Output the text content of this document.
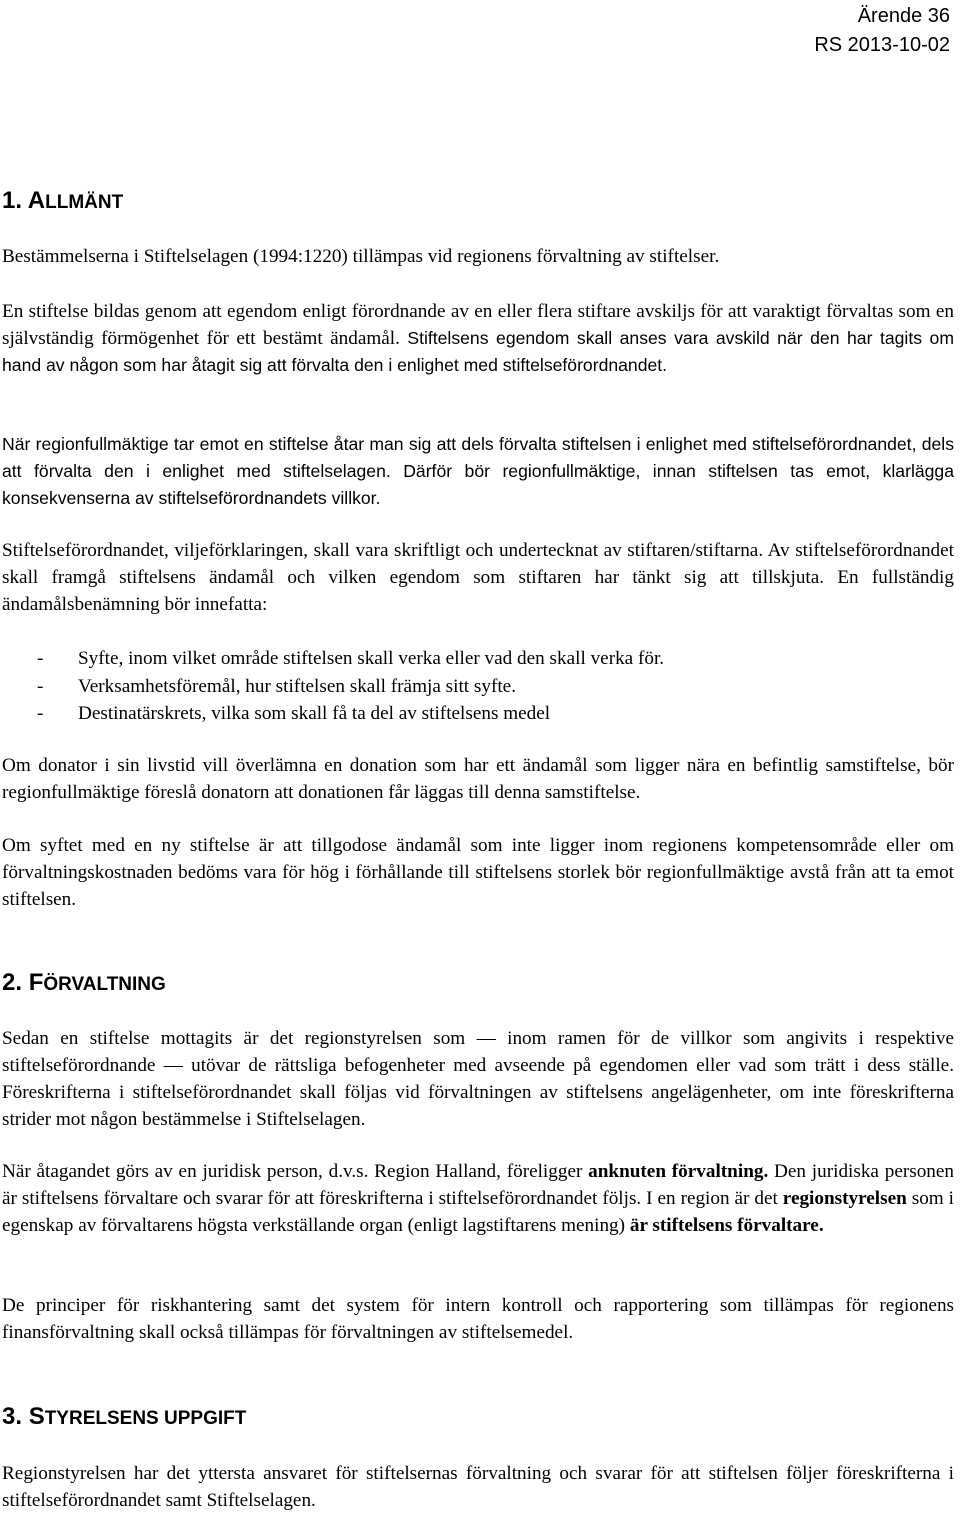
Ärende 36
RS 2013-10-02
1. ALLMÄNT

Bestämmelserna i Stiftelselagen (1994:1220) tillämpas vid regionens förvaltning av stiftelser.

En stiftelse bildas genom att egendom enligt förordnande av en eller flera stiftare avskiljs för att varaktigt förvaltas som en självständig förmögenhet för ett bestämt ändamål. Stiftelsens egendom skall anses vara avskild när den har tagits om hand av någon som har åtagit sig att förvalta den i enlighet med stiftelseförordnandet.

När regionfullmäktige tar emot en stiftelse åtar man sig att dels förvalta stiftelsen i enlighet med stiftelseförordnandet, dels att förvalta den i enlighet med stiftelselagen. Därför bör regionfullmäktige, innan stiftelsen tas emot, klarlägga konsekvenserna av stiftelseförordnandets villkor.

Stiftelseförordnandet, viljeförklaringen, skall vara skriftligt och undertecknat av stiftaren/stiftarna. Av stiftelseförordnandet skall framgå stiftelsens ändamål och vilken egendom som stiftaren har tänkt sig att tillskjuta. En fullständig ändamålsbenämning bör innefatta:

- Syfte, inom vilket område stiftelsen skall verka eller vad den skall verka för.
- Verksamhetsföremål, hur stiftelsen skall främja sitt syfte.
- Destinatärskrets, vilka som skall få ta del av stiftelsens medel

Om donator i sin livstid vill överlämna en donation som har ett ändamål som ligger nära en befintlig samstiftelse, bör regionfullmäktige föreslå donatorn att donationen får läggas till denna samstiftelse.

Om syftet med en ny stiftelse är att tillgodose ändamål som inte ligger inom regionens kompetensområde eller om förvaltningskostnaden bedöms vara för hög i förhållande till stiftelsens storlek bör regionfullmäktige avstå från att ta emot stiftelsen.

2. FÖRVALTNING

Sedan en stiftelse mottagits är det regionstyrelsen som — inom ramen för de villkor som angivits i respektive stiftelseförordnande — utövar de rättsliga befogenheter med avseende på egendomen eller vad som trätt i dess ställe. Föreskrifterna i stiftelseförordnandet skall följas vid förvaltningen av stiftelsens angelägenheter, om inte föreskrifterna strider mot någon bestämmelse i Stiftelselagen.

När åtagandet görs av en juridisk person, d.v.s. Region Halland, föreligger anknuten förvaltning. Den juridiska personen är stiftelsens förvaltare och svarar för att föreskrifterna i stiftelseförordnandet följs. I en region är det regionstyrelsen som i egenskap av förvaltarens högsta verkställande organ (enligt lagstiftarens mening) är stiftelsens förvaltare.

De principer för riskhantering samt det system för intern kontroll och rapportering som tillämpas för regionens finansförvaltning skall också tillämpas för förvaltningen av stiftelsemedel.

3. STYRELSENS UPPGIFT

Regionstyrelsen har det yttersta ansvaret för stiftelsernas förvaltning och svarar för att stiftelsen följer föreskrifterna i stiftelseförordnandet samt Stiftelselagen.
